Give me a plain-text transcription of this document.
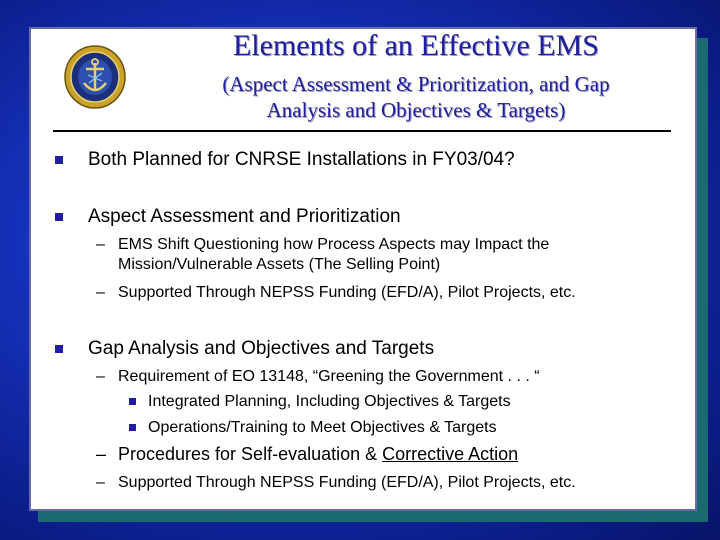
Elements of an Effective EMS
(Aspect Assessment & Prioritization, and Gap
Analysis and Objectives & Targets)
Both Planned for CNRSE Installations in FY03/04?
Aspect Assessment and Prioritization
– EMS Shift Questioning how Process Aspects may Impact the
Mission/Vulnerable Assets (The Selling Point)
– Supported Through NEPSS Funding (EFD/A), Pilot Projects, etc.
Gap Analysis and Objectives and Targets
– Requirement of EO 13148, “Greening the Government . . . “
Integrated Planning, Including Objectives & Targets
Operations/Training to Meet Objectives & Targets
– Procedures for Self-evaluation & Corrective Action
– Supported Through NEPSS Funding (EFD/A), Pilot Projects, etc.
